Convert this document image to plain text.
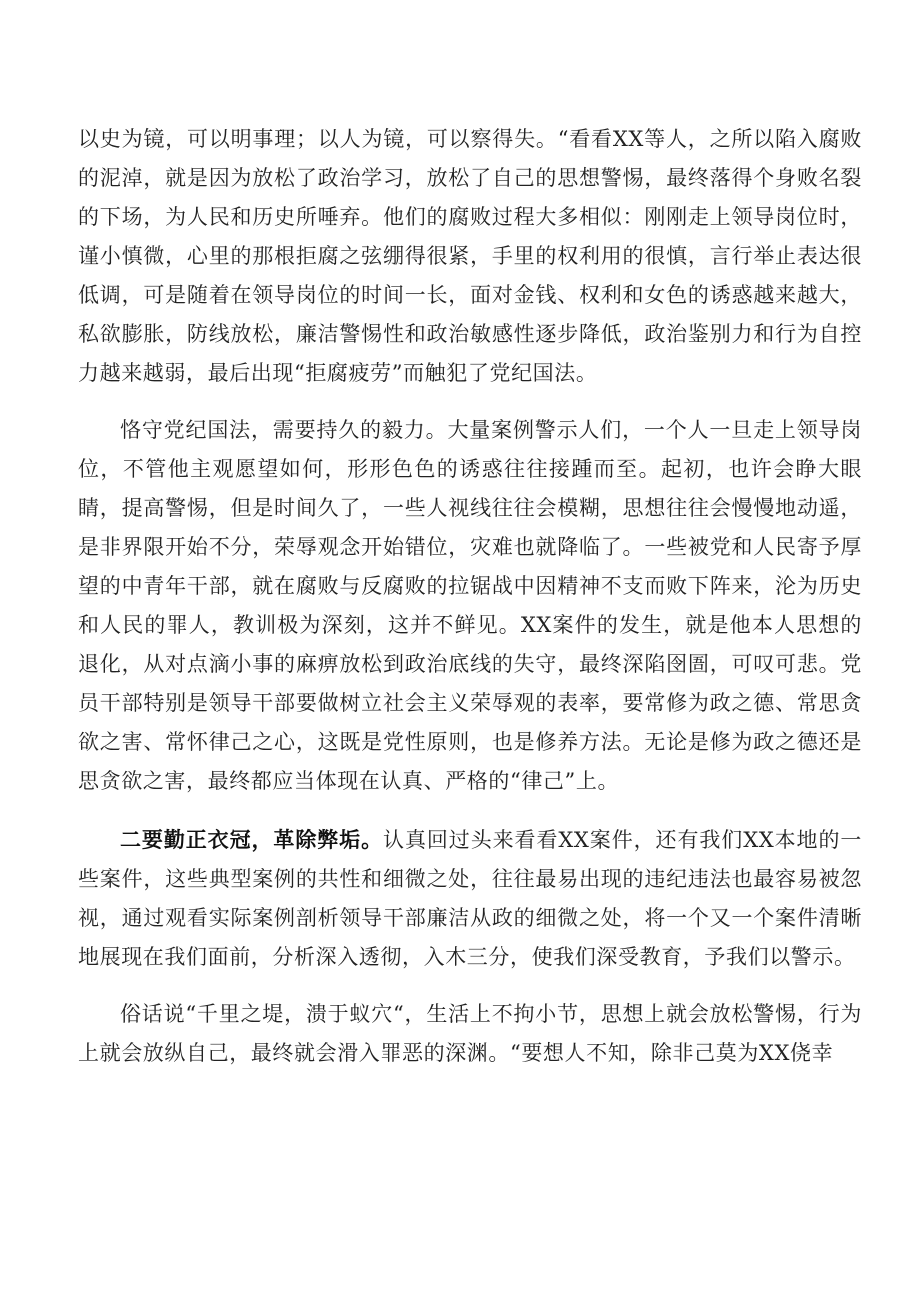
以史为镜，可以明事理；以人为镜，可以察得失。“看看XX等人，之所以陷入腐败的泥淖，就是因为放松了政治学习，放松了自己的思想警惕，最终落得个身败名裂的下场，为人民和历史所唾弃。他们的腐败过程大多相似：刚刚走上领导岗位时，谨小慎微，心里的那根拒腐之弦绷得很紧，手里的权利用的很慎，言行举止表达很低调，可是随着在领导岗位的时间一长，面对金钱、权利和女色的诱惑越来越大，私欲膨胀，防线放松，廉洁警惕性和政治敏感性逐步降低，政治鉴别力和行为自控力越来越弱，最后出现“拒腐疲劳”而触犯了党纪国法。

恪守党纪国法，需要持久的毅力。大量案例警示人们，一个人一旦走上领导岗位，不管他主观愿望如何，形形色色的诱惑往往接踵而至。起初，也许会睁大眼睛，提高警惕，但是时间久了，一些人视线往往会模糊，思想往往会慢慢地动遥，是非界限开始不分，荣辱观念开始错位，灾难也就降临了。一些被党和人民寄予厚望的中青年干部，就在腐败与反腐败的拉锯战中因精神不支而败下阵来，沦为历史和人民的罪人，教训极为深刻，这并不鲜见。XX案件的发生，就是他本人思想的退化，从对点滴小事的麻痹放松到政治底线的失守，最终深陷囹圄，可叹可悲。党员干部特别是领导干部要做树立社会主义荣辱观的表率，要常修为政之德、常思贪欲之害、常怀律己之心，这既是党性原则，也是修养方法。无论是修为政之德还是思贪欲之害，最终都应当体现在认真、严格的“律己”上。

二要勤正衣冠，革除弊垢。认真回过头来看看XX案件，还有我们XX本地的一些案件，这些典型案例的共性和细微之处，往往最易出现的违纪违法也最容易被忽视，通过观看实际案例剖析领导干部廉洁从政的细微之处，将一个又一个案件清晰地展现在我们面前，分析深入透彻，入木三分，使我们深受教育，予我们以警示。

俗话说“千里之堤，溃于蚁穴“，生活上不拘小节，思想上就会放松警惕，行为上就会放纵自己，最终就会滑入罪恶的深渊。“要想人不知，除非己莫为XX侥幸
